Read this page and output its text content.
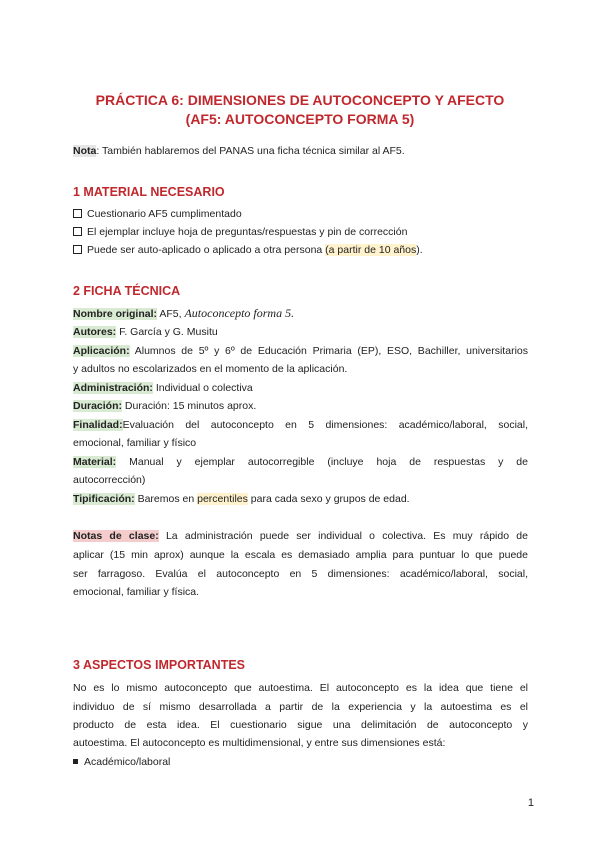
PRÁCTICA 6: DIMENSIONES DE AUTOCONCEPTO Y AFECTO
(AF5: AUTOCONCEPTO FORMA 5)
Nota: También hablaremos del PANAS una ficha técnica similar al AF5.
1 MATERIAL NECESARIO
Cuestionario AF5 cumplimentado
El ejemplar incluye hoja de preguntas/respuestas y pin de corrección
Puede ser auto-aplicado o aplicado a otra persona (a partir de 10 años).
2 FICHA TÉCNICA
Nombre original: AF5, Autoconcepto forma 5.
Autores: F. García y G. Musitu
Aplicación: Alumnos de 5º y 6º de Educación Primaria (EP), ESO, Bachiller, universitarios
y adultos no escolarizados en el momento de la aplicación.
Administración: Individual o colectiva
Duración: Duración: 15 minutos aprox.
Finalidad:Evaluación del autoconcepto en 5 dimensiones: académico/laboral, social,
emocional, familiar y físico
Material: Manual y ejemplar autocorregible (incluye hoja de respuestas y de
autocorrección)
Tipificación: Baremos en percentiles para cada sexo y grupos de edad.
Notas de clase: La administración puede ser individual o colectiva. Es muy rápido de
aplicar (15 min aprox) aunque la escala es demasiado amplia para puntuar lo que puede
ser farragoso. Evalúa el autoconcepto en 5 dimensiones: académico/laboral, social,
emocional, familiar y física.
3 ASPECTOS IMPORTANTES
No es lo mismo autoconcepto que autoestima. El autoconcepto es la idea que tiene el
individuo de sí mismo desarrollada a partir de la experiencia y la autoestima es el
producto de esta idea. El cuestionario sigue una delimitación de autoconcepto y
autoestima. El autoconcepto es multidimensional, y entre sus dimensiones está:
Académico/laboral
1
